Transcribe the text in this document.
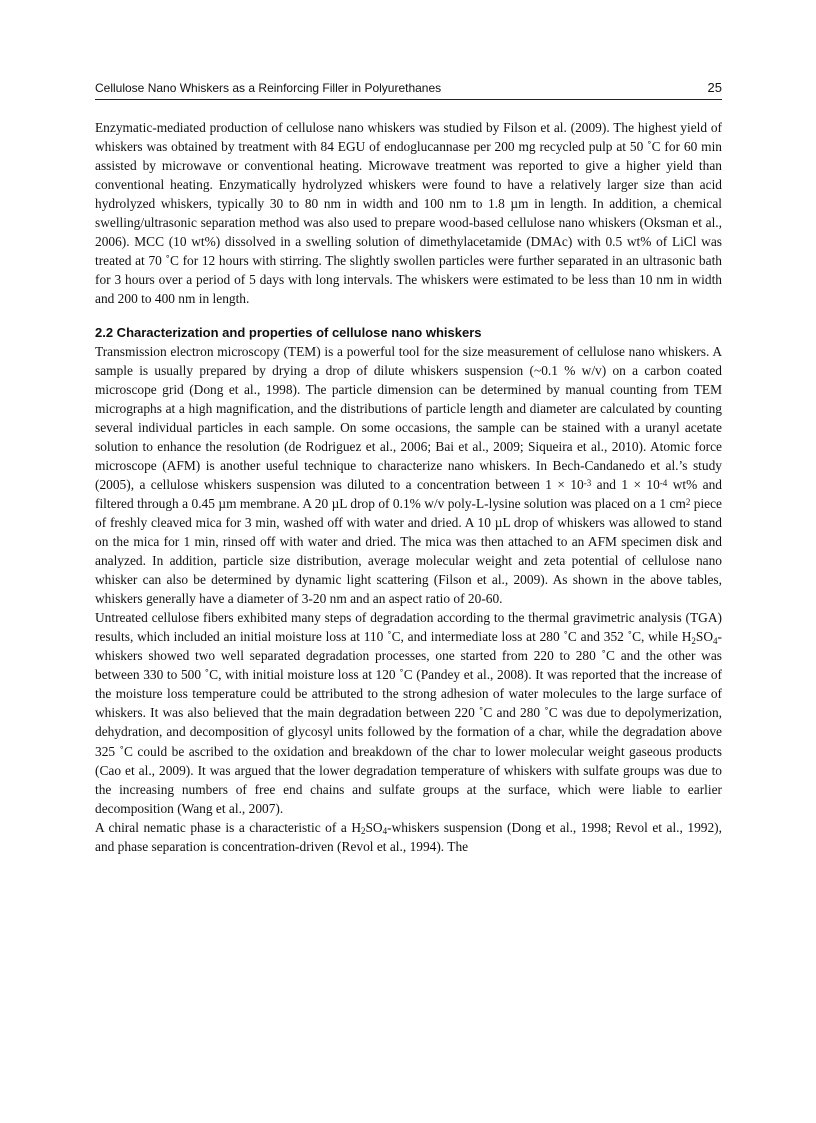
Cellulose Nano Whiskers as a Reinforcing Filler in Polyurethanes	25

Enzymatic-mediated production of cellulose nano whiskers was studied by Filson et al. (2009). The highest yield of whiskers was obtained by treatment with 84 EGU of endoglucannase per 200 mg recycled pulp at 50 ˚C for 60 min assisted by microwave or conventional heating. Microwave treatment was reported to give a higher yield than conventional heating. Enzymatically hydrolyzed whiskers were found to have a relatively larger size than acid hydrolyzed whiskers, typically 30 to 80 nm in width and 100 nm to 1.8 µm in length. In addition, a chemical swelling/ultrasonic separation method was also used to prepare wood-based cellulose nano whiskers (Oksman et al., 2006). MCC (10 wt%) dissolved in a swelling solution of dimethylacetamide (DMAc) with 0.5 wt% of LiCl was treated at 70 ˚C for 12 hours with stirring. The slightly swollen particles were further separated in an ultrasonic bath for 3 hours over a period of 5 days with long intervals. The whiskers were estimated to be less than 10 nm in width and 200 to 400 nm in length.

2.2 Characterization and properties of cellulose nano whiskers

Transmission electron microscopy (TEM) is a powerful tool for the size measurement of cellulose nano whiskers. A sample is usually prepared by drying a drop of dilute whiskers suspension (~0.1 % w/v) on a carbon coated microscope grid (Dong et al., 1998). The particle dimension can be determined by manual counting from TEM micrographs at a high magnification, and the distributions of particle length and diameter are calculated by counting several individual particles in each sample. On some occasions, the sample can be stained with a uranyl acetate solution to enhance the resolution (de Rodriguez et al., 2006; Bai et al., 2009; Siqueira et al., 2010). Atomic force microscope (AFM) is another useful technique to characterize nano whiskers. In Bech-Candanedo et al.’s study (2005), a cellulose whiskers suspension was diluted to a concentration between $1 \times 10^{-3}$ and $1 \times 10^{-4}$ wt% and filtered through a 0.45 µm membrane. A 20 µL drop of 0.1% w/v poly-L-lysine solution was placed on a 1 $cm^2$ piece of freshly cleaved mica for 3 min, washed off with water and dried. A 10 µL drop of whiskers was allowed to stand on the mica for 1 min, rinsed off with water and dried. The mica was then attached to an AFM specimen disk and analyzed. In addition, particle size distribution, average molecular weight and zeta potential of cellulose nano whisker can also be determined by dynamic light scattering (Filson et al., 2009). As shown in the above tables, whiskers generally have a diameter of 3-20 nm and an aspect ratio of 20-60.

Untreated cellulose fibers exhibited many steps of degradation according to the thermal gravimetric analysis (TGA) results, which included an initial moisture loss at 110 ˚C, and intermediate loss at 280 ˚C and 352 ˚C, while $H_2SO_4$-whiskers showed two well separated degradation processes, one started from 220 to 280 ˚C and the other was between 330 to 500 ˚C, with initial moisture loss at 120 ˚C (Pandey et al., 2008). It was reported that the increase of the moisture loss temperature could be attributed to the strong adhesion of water molecules to the large surface of whiskers. It was also believed that the main degradation between 220 ˚C and 280 ˚C was due to depolymerization, dehydration, and decomposition of glycosyl units followed by the formation of a char, while the degradation above 325 ˚C could be ascribed to the oxidation and breakdown of the char to lower molecular weight gaseous products (Cao et al., 2009). It was argued that the lower degradation temperature of whiskers with sulfate groups was due to the increasing numbers of free end chains and sulfate groups at the surface, which were liable to earlier decomposition (Wang et al., 2007).

A chiral nematic phase is a characteristic of a $H_2SO_4$-whiskers suspension (Dong et al., 1998; Revol et al., 1992), and phase separation is concentration-driven (Revol et al., 1994). The
